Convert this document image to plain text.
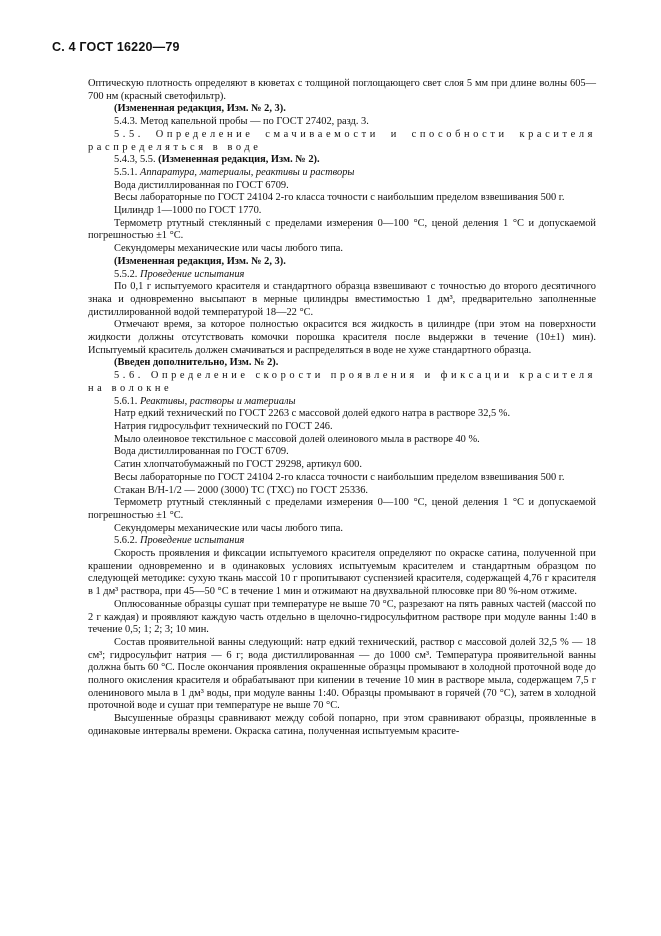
С. 4 ГОСТ 16220—79

Оптическую плотность определяют в кюветах с толщиной поглощающего свет слоя 5 мм при длине волны 605—700 нм (красный светофильтр).

(Измененная редакция, Изм. № 2, 3).

5.4.3. Метод капельной пробы — по ГОСТ 27402, разд. 3.

5.5. Определение смачиваемости и способности красителя распределяться в воде

5.4.3, 5.5. (Измененная редакция, Изм. № 2).

5.5.1. Аппаратура, материалы, реактивы и растворы

Вода дистиллированная по ГОСТ 6709.

Весы лабораторные по ГОСТ 24104 2-го класса точности с наибольшим пределом взвешивания 500 г.

Цилиндр 1—1000 по ГОСТ 1770.

Термометр ртутный стеклянный с пределами измерения 0—100 °С, ценой деления 1 °С и допускаемой погрешностью ±1 °С.

Секундомеры механические или часы любого типа.

(Измененная редакция, Изм. № 2, 3).

5.5.2. Проведение испытания

По 0,1 г испытуемого красителя и стандартного образца взвешивают с точностью до второго десятичного знака и одновременно высыпают в мерные цилиндры вместимостью 1 дм³, предварительно заполненные дистиллированной водой температурой 18—22 °С.

Отмечают время, за которое полностью окрасится вся жидкость в цилиндре (при этом на поверхности жидкости должны отсутствовать комочки порошка красителя после выдержки в течение (10±1) мин). Испытуемый краситель должен смачиваться и распределяться в воде не хуже стандартного образца.

(Введен дополнительно, Изм. № 2).

5.6. Определение скорости проявления и фиксации красителя на волокне

5.6.1. Реактивы, растворы и материалы

Натр едкий технический по ГОСТ 2263 с массовой долей едкого натра в растворе 32,5 %.

Натрия гидросульфит технический по ГОСТ 246.

Мыло олеиновое текстильное с массовой долей олеинового мыла в растворе 40 %.

Вода дистиллированная по ГОСТ 6709.

Сатин хлопчатобумажный по ГОСТ 29298, артикул 600.

Весы лабораторные по ГОСТ 24104 2-го класса точности с наибольшим пределом взвешивания 500 г.

Стакан В/Н-1/2 — 2000 (3000) ТС (ТХС) по ГОСТ 25336.

Термометр ртутный стеклянный с пределами измерения 0—100 °С, ценой деления 1 °С и допускаемой погрешностью ±1 °С.

Секундомеры механические или часы любого типа.

5.6.2. Проведение испытания

Скорость проявления и фиксации испытуемого красителя определяют по окраске сатина, полученной при крашении одновременно и в одинаковых условиях испытуемым красителем и стандартным образцом по следующей методике: сухую ткань массой 10 г пропитывают суспензией красителя, содержащей 4,76 г красителя в 1 дм³ раствора, при 45—50 °С в течение 1 мин и отжимают на двухвальной плюсовке при 80 %-ном отжиме.

Оплюсованные образцы сушат при температуре не выше 70 °С, разрезают на пять равных частей (массой по 2 г каждая) и проявляют каждую часть отдельно в щелочно-гидросульфитном растворе при модуле ванны 1:40 в течение 0,5; 1; 2; 3; 10 мин.

Состав проявительной ванны следующий: натр едкий технический, раствор с массовой долей 32,5 % — 18 см³; гидросульфит натрия — 6 г; вода дистиллированная — до 1000 см³. Температура проявительной ванны должна быть 60 °С. После окончания проявления окрашенные образцы промывают в холодной проточной воде до полного окисления красителя и обрабатывают при кипении в течение 10 мин в растворе мыла, содержащем 7,5 г оленинового мыла в 1 дм³ воды, при модуле ванны 1:40. Образцы промывают в горячей (70 °С), затем в холодной проточной воде и сушат при температуре не выше 70 °С.

Высушенные образцы сравнивают между собой попарно, при этом сравнивают образцы, проявленные в одинаковые интервалы времени. Окраска сатина, полученная испытуемым красите-
